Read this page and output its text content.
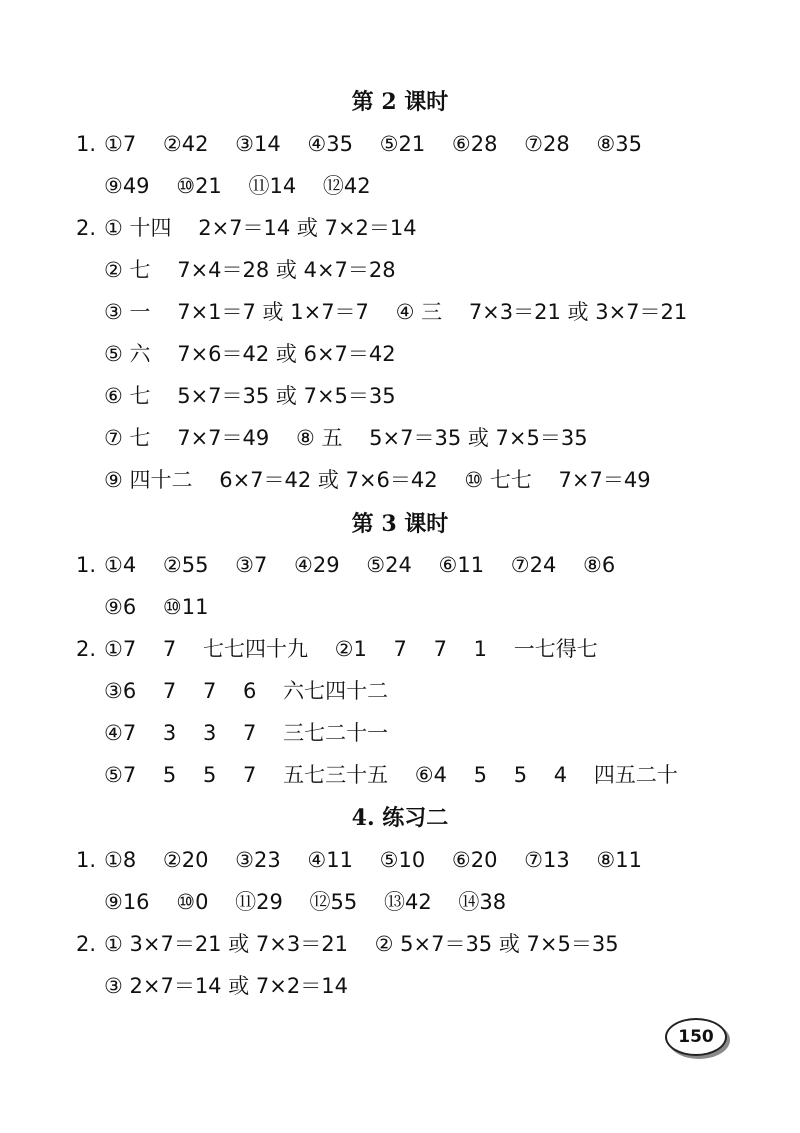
第 2 课时
1. ①7    ②42    ③14    ④35    ⑤21    ⑥28    ⑦28    ⑧35
⑨49    ⑩21    ⑪14    ⑫42
2. ① 十四    2×7＝14 或 7×2＝14
② 七    7×4＝28 或 4×7＝28
③ 一    7×1＝7 或 1×7＝7    ④ 三    7×3＝21 或 3×7＝21
⑤ 六    7×6＝42 或 6×7＝42
⑥ 七    5×7＝35 或 7×5＝35
⑦ 七    7×7＝49    ⑧ 五    5×7＝35 或 7×5＝35
⑨ 四十二    6×7＝42 或 7×6＝42    ⑩ 七七    7×7＝49
第 3 课时
1. ①4    ②55    ③7    ④29    ⑤24    ⑥11    ⑦24    ⑧6
⑨6    ⑩11
2. ①7    7    七七四十九    ②1    7    7    1    一七得七
③6    7    7    6    六七四十二
④7    3    3    7    三七二十一
⑤7    5    5    7    五七三十五    ⑥4    5    5    4    四五二十
4. 练习二
1. ①8    ②20    ③23    ④11    ⑤10    ⑥20    ⑦13    ⑧11
⑨16    ⑩0    ⑪29    ⑫55    ⑬42    ⑭38
2. ① 3×7＝21 或 7×3＝21    ② 5×7＝35 或 7×5＝35
③ 2×7＝14 或 7×2＝14
150
